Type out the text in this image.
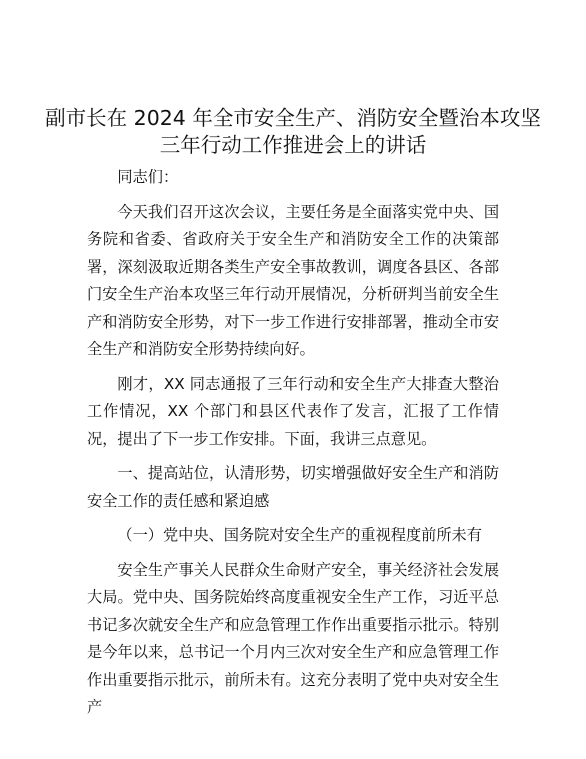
副市长在 2024 年全市安全生产、消防安全暨治本攻坚三年行动工作推进会上的讲话

同志们：

今天我们召开这次会议，主要任务是全面落实党中央、国务院和省委、省政府关于安全生产和消防安全工作的决策部署，深刻汲取近期各类生产安全事故教训，调度各县区、各部门安全生产治本攻坚三年行动开展情况，分析研判当前安全生产和消防安全形势，对下一步工作进行安排部署，推动全市安全生产和消防安全形势持续向好。

刚才，XX 同志通报了三年行动和安全生产大排查大整治工作情况，XX 个部门和县区代表作了发言，汇报了工作情况，提出了下一步工作安排。下面，我讲三点意见。

一、提高站位，认清形势，切实增强做好安全生产和消防安全工作的责任感和紧迫感

（一）党中央、国务院对安全生产的重视程度前所未有

安全生产事关人民群众生命财产安全，事关经济社会发展大局。党中央、国务院始终高度重视安全生产工作，习近平总书记多次就安全生产和应急管理工作作出重要指示批示。特别是今年以来，总书记一个月内三次对安全生产和应急管理工作作出重要指示批示，前所未有。这充分表明了党中央对安全生产
